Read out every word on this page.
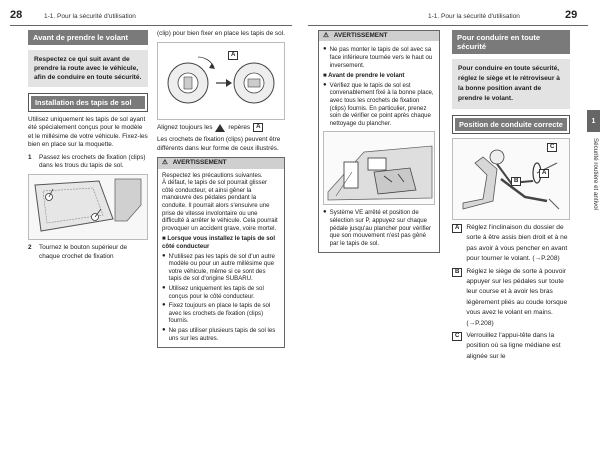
28	1-1. Pour la sécurité d'utilisation	1-1. Pour la sécurité d'utilisation	29
Avant de prendre le volant
Respectez ce qui suit avant de prendre la route avec le véhicule, afin de conduire en toute sécurité.
Installation des tapis de sol

Utilisez uniquement les tapis de sol ayant été spécialement conçus pour le modèle et le millésime de votre véhicule. Fixez-les bien en place sur la moquette.

1	Passez les crochets de fixation (clips) dans les trous du tapis de sol.
2	Tournez le bouton supérieur de chaque crochet de fixation

(clip) pour bien fixer en place les tapis de sol.

A

Alignez toujours les	repères	A

Les crochets de fixation (clips) peuvent être différents dans leur forme de ceux illustrés.

⚠ AVERTISSEMENT
Respectez les précautions suivantes.
À défaut, le tapis de sol pourrait glisser côté conducteur, et ainsi gêner la manœuvre des pédales pendant la conduite. Il pourrait alors s'ensuivre une prise de vitesse involontaire ou une difficulté à arrêter le véhicule. Cela pourrait provoquer un accident grave, voire mortel.
■ Lorsque vous installez le tapis de sol côté conducteur
● N'utilisez pas les tapis de sol d'un autre modèle ou pour un autre millésime que votre véhicule, même si ce sont des tapis de sol d'origine SUBARU.
● Utilisez uniquement les tapis de sol conçus pour le côté conducteur.
● Fixez toujours en place le tapis de sol avec les crochets de fixation (clips) fournis.
● Ne pas utiliser plusieurs tapis de sol les uns sur les autres.
⚠ AVERTISSEMENT
● Ne pas monter le tapis de sol avec sa face inférieure tournée vers le haut ou inversement.
■ Avant de prendre le volant
● Vérifiez que le tapis de sol est convenablement fixé à la bonne place, avec tous les crochets de fixation (clips) fournis. En particulier, prenez soin de vérifier ce point après chaque nettoyage du plancher.
● Système VE arrêté et position de sélection sur P, appuyez sur chaque pédale jusqu'au plancher pour vérifier que son mouvement n'est pas gêné par le tapis de sol.
Pour conduire en toute sécurité
Pour conduire en toute sécurité, réglez le siège et le rétroviseur à la bonne position avant de prendre le volant.
Position de conduite correcte
C
A
B
A	Réglez l'inclinaison du dossier de sorte à être assis bien droit et à ne pas avoir à vous pencher en avant pour tourner le volant. (→P.208)
B	Réglez le siège de sorte à pouvoir appuyer sur les pédales sur toute leur course et à avoir les bras légèrement pliés au coude lorsque vous avez le volant en mains. (→P.208)
C	Verrouillez l'appui-tête dans la position où sa ligne médiane est alignée sur le
1
Sécurité routière et antivol
